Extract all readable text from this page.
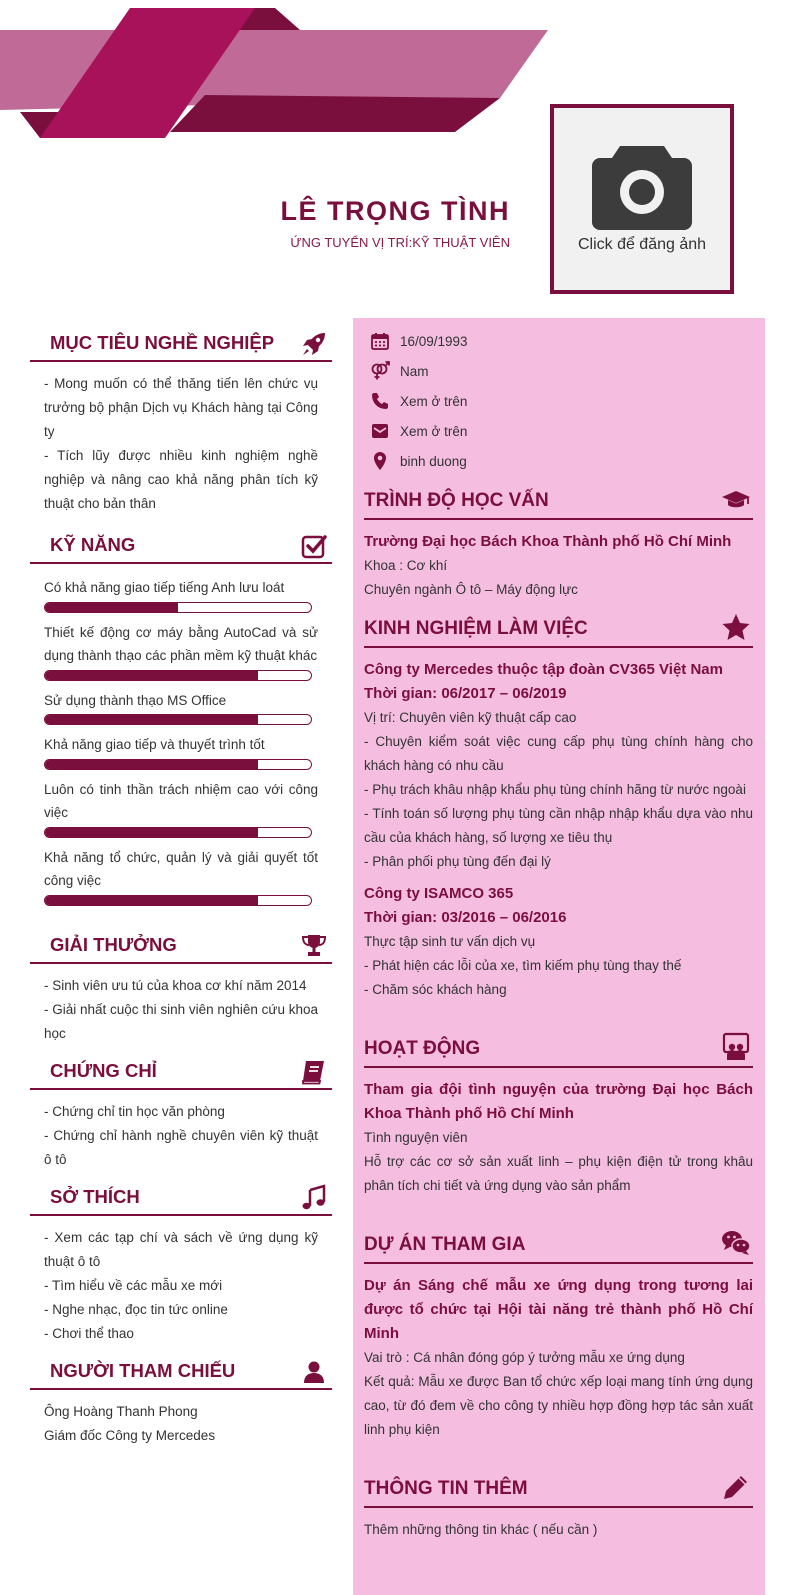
LÊ TRỌNG TÌNH
ỨNG TUYỂN VỊ TRÍ:KỸ THUẬT VIÊN	Click để đăng ảnh
MỤC TIÊU NGHỀ NGHIỆP
- Mong muốn có thể thăng tiến lên chức vụ trưởng bộ phận Dịch vụ Khách hàng tại Công ty
- Tích lũy được nhiều kinh nghiệm nghề nghiệp và nâng cao khả năng phân tích kỹ thuật cho bản thân
KỸ NĂNG
Có khả năng giao tiếp tiếng Anh lưu loát
Thiết kế động cơ máy bằng AutoCad và sử dụng thành thạo các phần mềm kỹ thuật khác
Sử dụng thành thạo MS Office
Khả năng giao tiếp và thuyết trình tốt
Luôn có tinh thần trách nhiệm cao với công việc
Khả năng tổ chức, quản lý và giải quyết tốt công việc
GIẢI THƯỞNG
- Sinh viên ưu tú của khoa cơ khí năm 2014
- Giải nhất cuộc thi sinh viên nghiên cứu khoa học
CHỨNG CHỈ
- Chứng chỉ tin học văn phòng
- Chứng chỉ hành nghề chuyên viên kỹ thuật ô tô
SỞ THÍCH
- Xem các tạp chí và sách về ứng dụng kỹ thuật ô tô
- Tìm hiểu về các mẫu xe mới
- Nghe nhạc, đọc tin tức online
- Chơi thể thao
NGƯỜI THAM CHIẾU
Ông Hoàng Thanh Phong
Giám đốc Công ty Mercedes
16/09/1993
Nam
Xem ở trên
Xem ở trên
binh duong
TRÌNH ĐỘ HỌC VẤN
Trường Đại học Bách Khoa Thành phố Hồ Chí Minh
Khoa : Cơ khí
Chuyên ngành Ô tô – Máy động lực
KINH NGHIỆM LÀM VIỆC
Công ty Mercedes thuộc tập đoàn CV365 Việt Nam
Thời gian: 06/2017 – 06/2019
Vị trí: Chuyên viên kỹ thuật cấp cao
- Chuyên kiểm soát việc cung cấp phụ tùng chính hàng cho khách hàng có nhu cầu
- Phụ trách khâu nhập khẩu phụ tùng chính hãng từ nước ngoài
- Tính toán số lượng phụ tùng cần nhập nhập khẩu dựa vào nhu cầu của khách hàng, số lượng xe tiêu thụ
- Phân phối phụ tùng đến đại lý
Công ty ISAMCO 365
Thời gian: 03/2016 – 06/2016
Thực tập sinh tư vấn dịch vụ
- Phát hiện các lỗi của xe, tìm kiếm phụ tùng thay thế
- Chăm sóc khách hàng
HOẠT ĐỘNG
Tham gia đội tình nguyện của trường Đại học Bách Khoa Thành phố Hồ Chí Minh
Tình nguyện viên
Hỗ trợ các cơ sở sản xuất linh – phụ kiện điện tử trong khâu phân tích chi tiết và ứng dụng vào sản phẩm
DỰ ÁN THAM GIA
Dự án Sáng chế mẫu xe ứng dụng trong tương lai được tổ chức tại Hội tài năng trẻ thành phố Hồ Chí Minh
Vai trò : Cá nhân đóng góp ý tưởng mẫu xe ứng dụng
Kết quả: Mẫu xe được Ban tổ chức xếp loại mang tính ứng dụng cao, từ đó đem về cho công ty nhiều hợp đồng hợp tác sản xuất linh phụ kiện
THÔNG TIN THÊM
Thêm những thông tin khác ( nếu cần )
